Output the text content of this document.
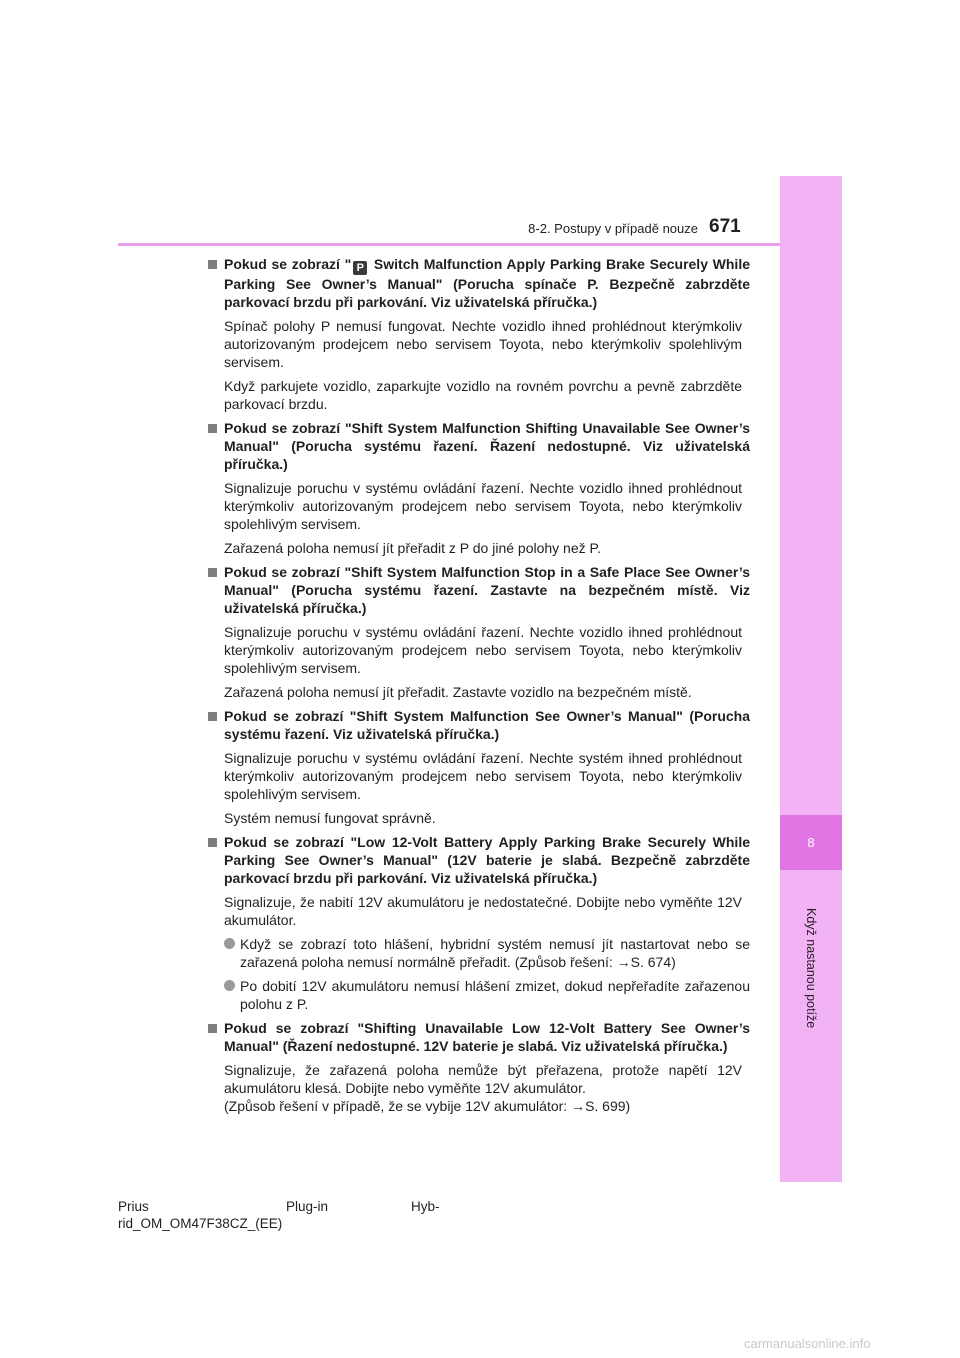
8
Když nastanou potíže
8-2. Postupy v případě nouze 671
Pokud se zobrazí " P Switch Malfunction Apply Parking Brake Securely While Parking See Owner’s Manual" (Porucha spínače P. Bezpečně zabrzděte parkovací brzdu při parkování. Viz uživatelská příručka.)
Spínač polohy P nemusí fungovat. Nechte vozidlo ihned prohlédnout kterýmkoliv autorizovaným prodejcem nebo servisem Toyota, nebo kterýmkoliv spolehlivým servisem.
Když parkujete vozidlo, zaparkujte vozidlo na rovném povrchu a pevně zabrzděte parkovací brzdu.
Pokud se zobrazí "Shift System Malfunction Shifting Unavailable See Owner’s Manual" (Porucha systému řazení. Řazení nedostupné. Viz uživatelská příručka.)
Signalizuje poruchu v systému ovládání řazení. Nechte vozidlo ihned prohlédnout kterýmkoliv autorizovaným prodejcem nebo servisem Toyota, nebo kterýmkoliv spolehlivým servisem.
Zařazená poloha nemusí jít přeřadit z P do jiné polohy než P.
Pokud se zobrazí "Shift System Malfunction Stop in a Safe Place See Owner’s Manual" (Porucha systému řazení. Zastavte na bezpečném místě. Viz uživatelská příručka.)
Signalizuje poruchu v systému ovládání řazení. Nechte vozidlo ihned prohlédnout kterýmkoliv autorizovaným prodejcem nebo servisem Toyota, nebo kterýmkoliv spolehlivým servisem.
Zařazená poloha nemusí jít přeřadit. Zastavte vozidlo na bezpečném místě.
Pokud se zobrazí "Shift System Malfunction See Owner’s Manual" (Porucha systému řazení. Viz uživatelská příručka.)
Signalizuje poruchu v systému ovládání řazení. Nechte systém ihned prohlédnout kterýmkoliv autorizovaným prodejcem nebo servisem Toyota, nebo kterýmkoliv spolehlivým servisem.
Systém nemusí fungovat správně.
Pokud se zobrazí "Low 12-Volt Battery Apply Parking Brake Securely While Parking See Owner’s Manual" (12V baterie je slabá. Bezpečně zabrzděte parkovací brzdu při parkování. Viz uživatelská příručka.)
Signalizuje, že nabití 12V akumulátoru je nedostatečné. Dobijte nebo vyměňte 12V akumulátor.
Když se zobrazí toto hlášení, hybridní systém nemusí jít nastartovat nebo se zařazená poloha nemusí normálně přeřadit. (Způsob řešení: →S. 674)
Po dobití 12V akumulátoru nemusí hlášení zmizet, dokud nepřeřadíte zařazenou polohu z P.
Pokud se zobrazí "Shifting Unavailable Low 12-Volt Battery See Owner’s Manual" (Řazení nedostupné. 12V baterie je slabá. Viz uživatelská příručka.)
Signalizuje, že zařazená poloha nemůže být přeřazena, protože napětí 12V akumulátoru klesá. Dobijte nebo vyměňte 12V akumulátor.
(Způsob řešení v případě, že se vybije 12V akumulátor: →S. 699)
Prius	Plug-in	Hyb-
rid_OM_OM47F38CZ_(EE)
carmanualsonline.info
